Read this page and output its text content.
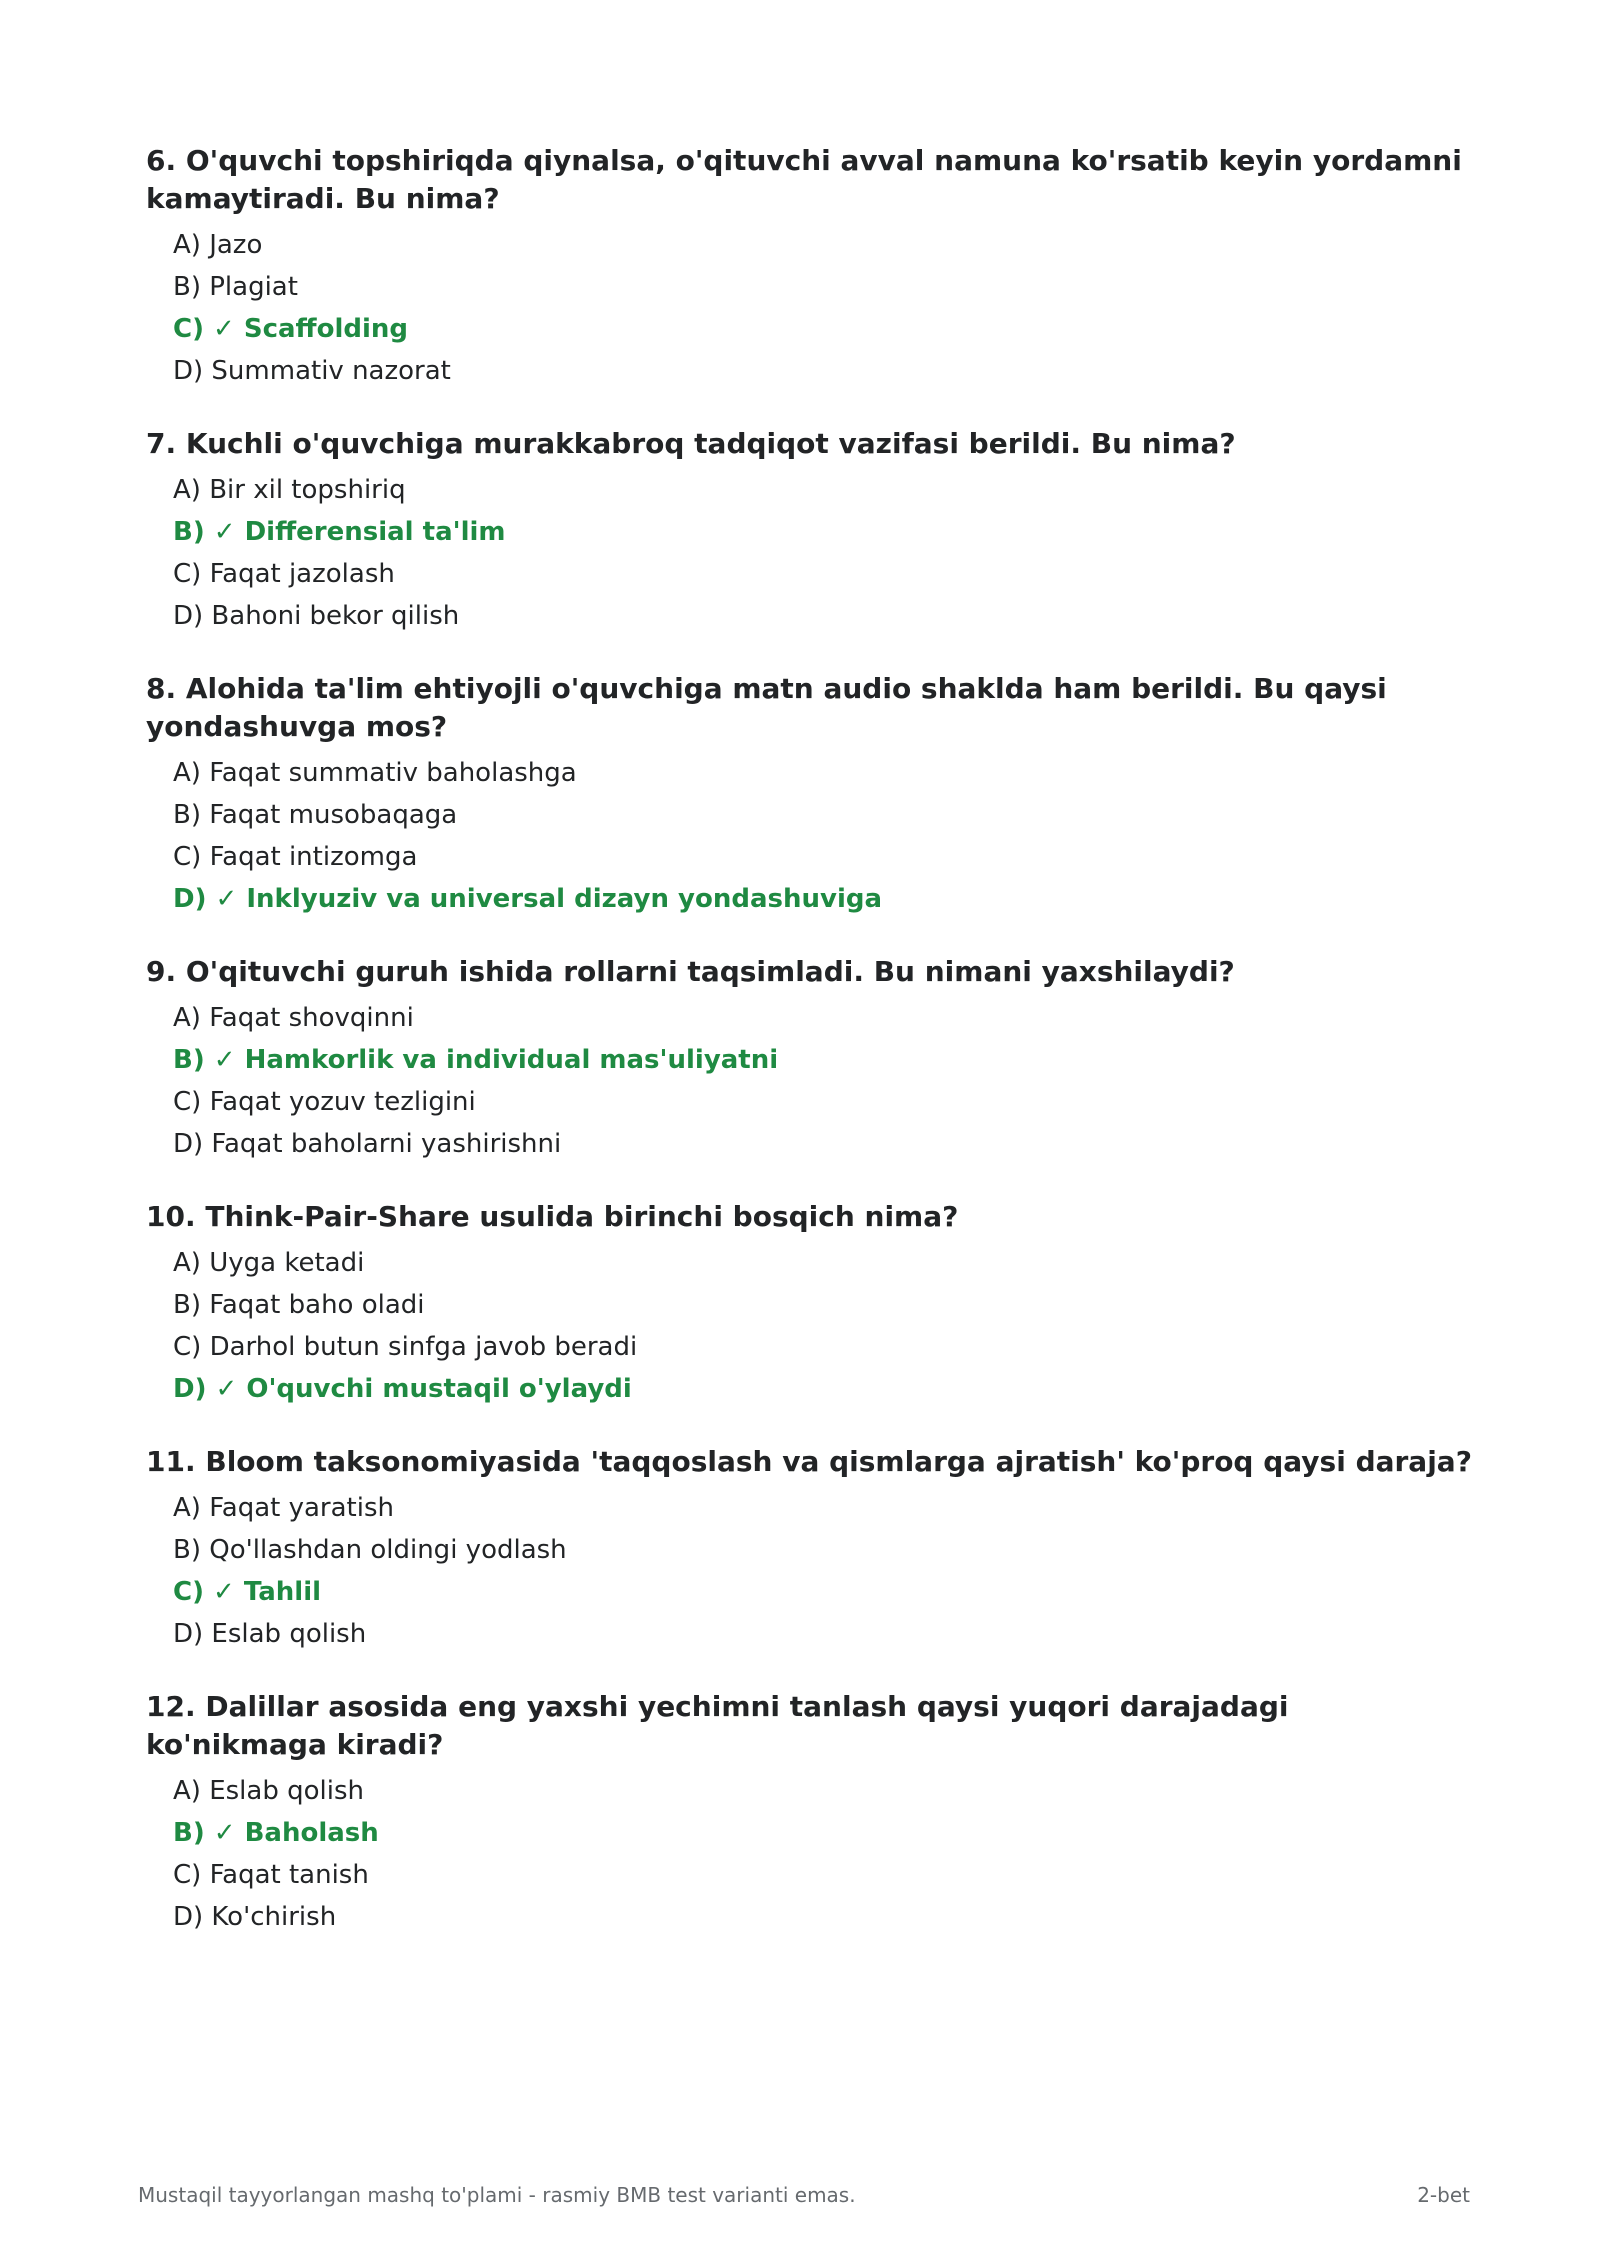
6. O'quvchi topshiriqda qiynalsa, o'qituvchi avval namuna ko'rsatib keyin yordamni kamaytiradi. Bu nima?
A) Jazo
B) Plagiat
C) ✓ Scaffolding
D) Summativ nazorat
7. Kuchli o'quvchiga murakkabroq tadqiqot vazifasi berildi. Bu nima?
A) Bir xil topshiriq
B) ✓ Differensial ta'lim
C) Faqat jazolash
D) Bahoni bekor qilish
8. Alohida ta'lim ehtiyojli o'quvchiga matn audio shaklda ham berildi. Bu qaysi yondashuvga mos?
A) Faqat summativ baholashga
B) Faqat musobaqaga
C) Faqat intizomga
D) ✓ Inklyuziv va universal dizayn yondashuviga
9. O'qituvchi guruh ishida rollarni taqsimladi. Bu nimani yaxshilaydi?
A) Faqat shovqinni
B) ✓ Hamkorlik va individual mas'uliyatni
C) Faqat yozuv tezligini
D) Faqat baholarni yashirishni
10. Think-Pair-Share usulida birinchi bosqich nima?
A) Uyga ketadi
B) Faqat baho oladi
C) Darhol butun sinfga javob beradi
D) ✓ O'quvchi mustaqil o'ylaydi
11. Bloom taksonomiyasida 'taqqoslash va qismlarga ajratish' ko'proq qaysi daraja?
A) Faqat yaratish
B) Qo'llashdan oldingi yodlash
C) ✓ Tahlil
D) Eslab qolish
12. Dalillar asosida eng yaxshi yechimni tanlash qaysi yuqori darajadagi ko'nikmaga kiradi?
A) Eslab qolish
B) ✓ Baholash
C) Faqat tanish
D) Ko'chirish
Mustaqil tayyorlangan mashq to'plami - rasmiy BMB test varianti emas.	2-bet
